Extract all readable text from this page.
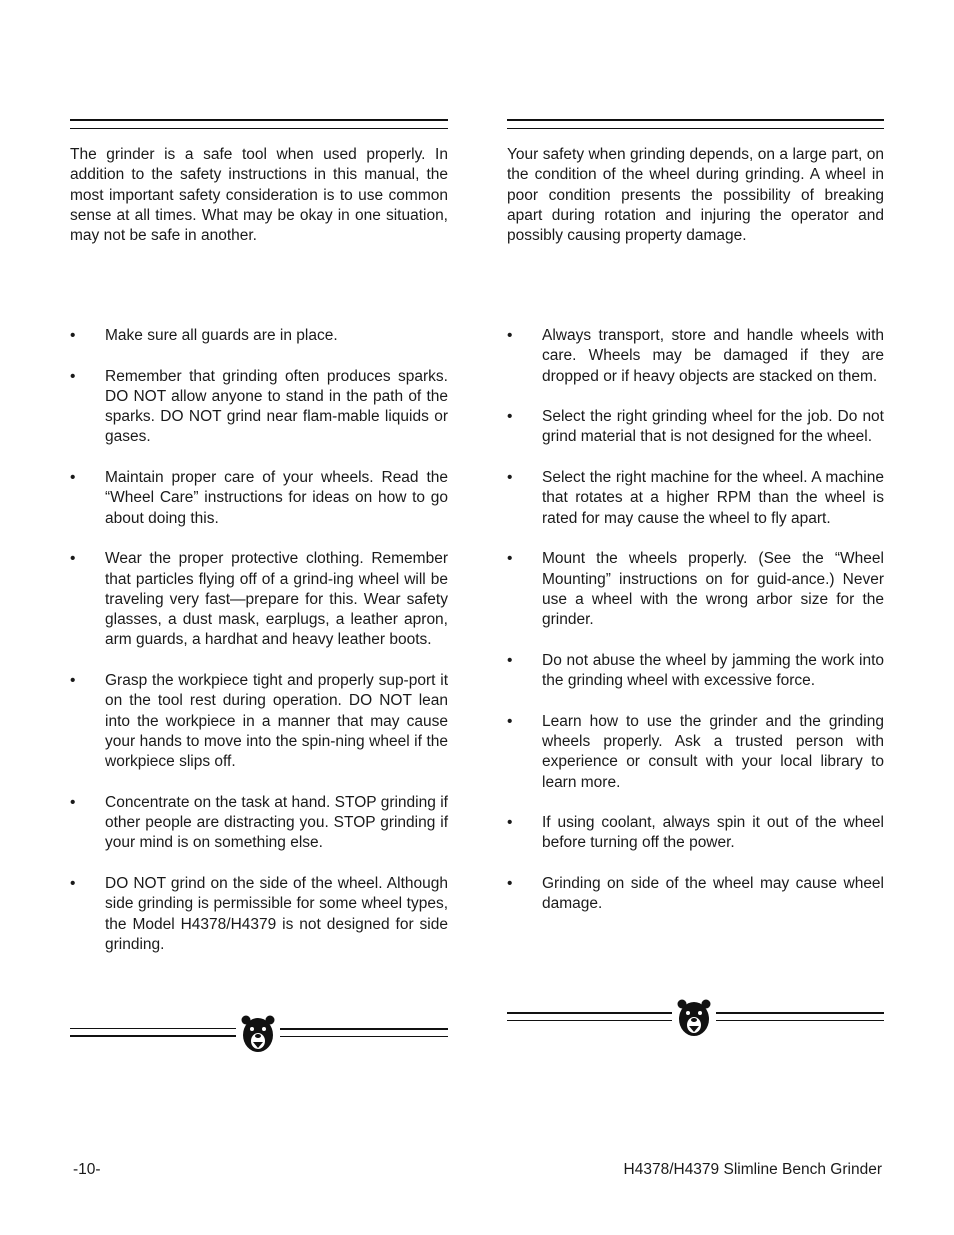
The grinder is a safe tool when used properly. In addition to the safety instructions in this manual, the most important safety consideration is to use common sense at all times. What may be okay in one situation, may not be safe in another.

Your safety when grinding depends, on a large part, on the condition of the wheel during grinding. A wheel in poor condition presents the possibility of breaking apart during rotation and injuring the operator and possibly causing property damage.

•	Make sure all guards are in place.
•	Remember that grinding often produces sparks. DO NOT allow anyone to stand in the path of the sparks. DO NOT grind near flam-mable liquids or gases.
•	Maintain proper care of your wheels. Read the “Wheel Care” instructions for ideas on how to go about doing this.
•	Wear the proper protective clothing. Remember that particles flying off of a grind-ing wheel will be traveling very fast—prepare for this. Wear safety glasses, a dust mask, earplugs, a leather apron, arm guards, a hardhat and heavy leather boots.
•	Grasp the workpiece tight and properly sup-port it on the tool rest during operation. DO NOT lean into the workpiece in a manner that may cause your hands to move into the spin-ning wheel if the workpiece slips off.
•	Concentrate on the task at hand. STOP grinding if other people are distracting you. STOP grinding if your mind is on something else.
•	DO NOT grind on the side of the wheel. Although side grinding is permissible for some wheel types, the Model H4378/H4379 is not designed for side grinding.
•	Always transport, store and handle wheels with care. Wheels may be damaged if they are dropped or if heavy objects are stacked on them.
•	Select the right grinding wheel for the job. Do not grind material that is not designed for the wheel.
•	Select the right machine for the wheel. A machine that rotates at a higher RPM than the wheel is rated for may cause the wheel to fly apart.
•	Mount the wheels properly. (See the “Wheel Mounting” instructions on for guid-ance.) Never use a wheel with the wrong arbor size for the grinder.
•	Do not abuse the wheel by jamming the work into the grinding wheel with excessive force.
•	Learn how to use the grinder and the grinding wheels properly. Ask a trusted person with experience or consult with your local library to learn more.
•	If using coolant, always spin it out of the wheel before turning off the power.
•	Grinding on side of the wheel may cause wheel damage.
-10-	H4378/H4379 Slimline Bench Grinder
